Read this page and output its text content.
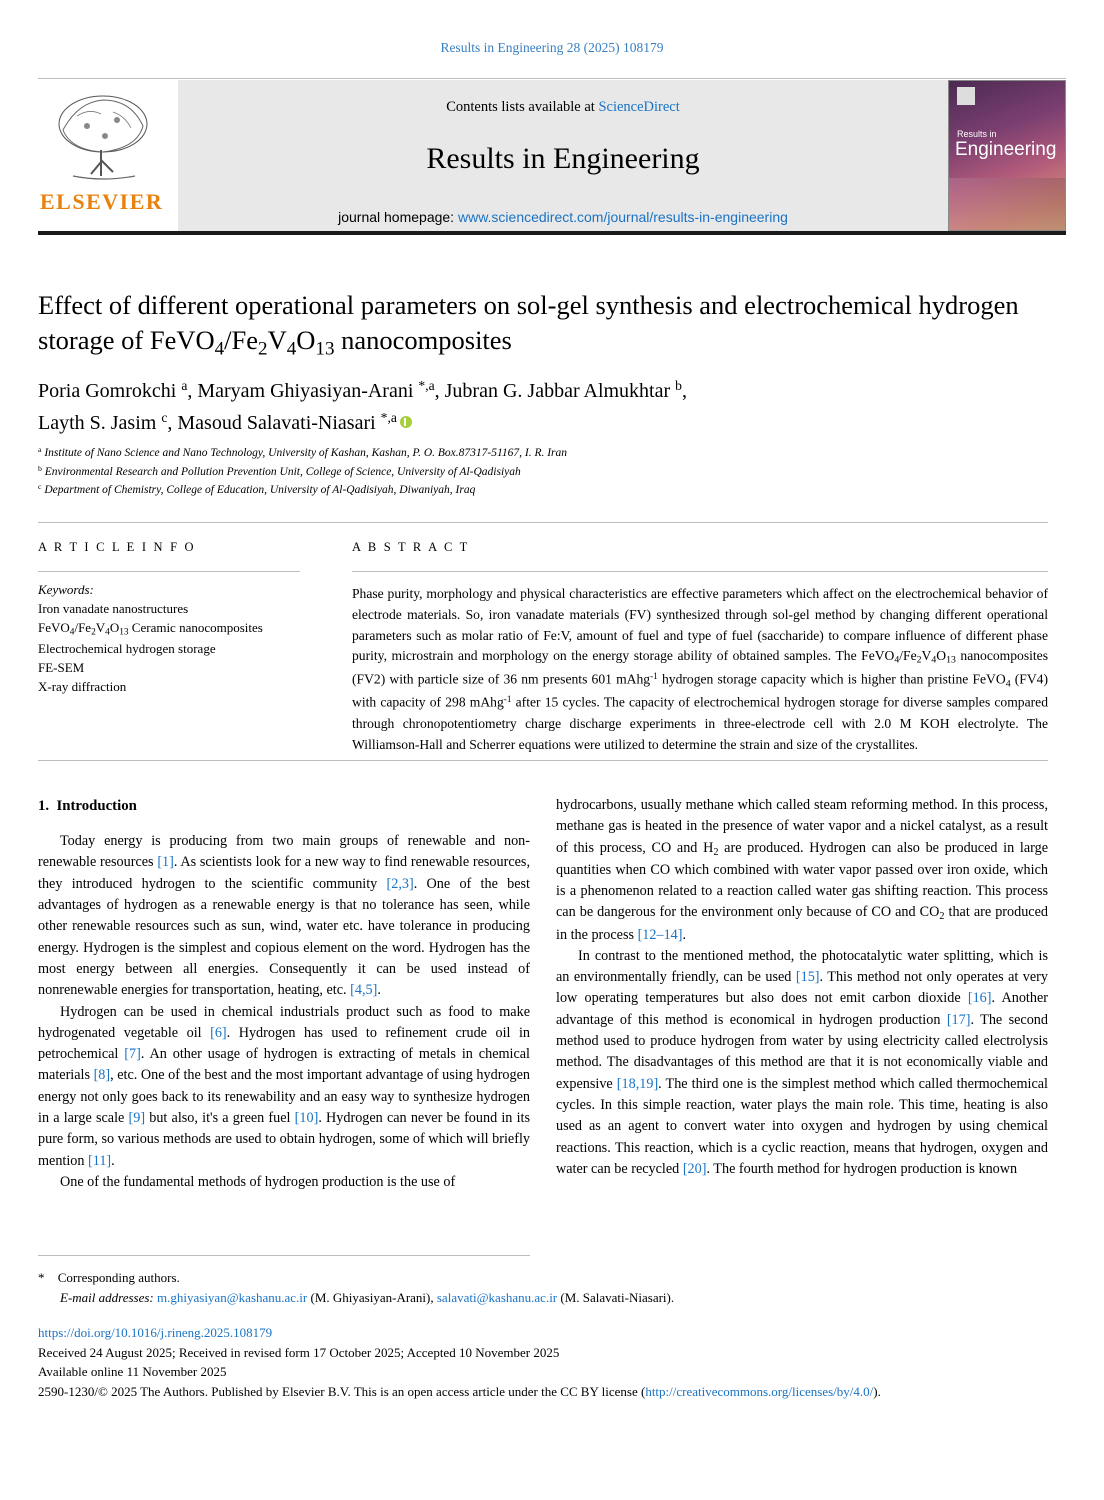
Results in Engineering 28 (2025) 108179
ELSEVIER
Contents lists available at ScienceDirect
Results in Engineering
journal homepage: www.sciencedirect.com/journal/results-in-engineering
Results in
Engineering
Effect of different operational parameters on sol-gel synthesis and electrochemical hydrogen storage of $FeVO_4/Fe_2V_4O_{13}$ nanocomposites
Poria Gomrokchi $^a$, Maryam Ghiyasiyan-Arani $^{*,a}$, Jubran G. Jabbar Almukhtar $^b$,
Layth S. Jasim $^c$, Masoud Salavati-Niasari $^{*,a}$
$^a$ Institute of Nano Science and Nano Technology, University of Kashan, Kashan, P. O. Box.87317-51167, I. R. Iran
$^b$ Environmental Research and Pollution Prevention Unit, College of Science, University of Al-Qadisiyah
$^c$ Department of Chemistry, College of Education, University of Al-Qadisiyah, Diwaniyah, Iraq
A R T I C L E I N F O
Keywords:
Iron vanadate nanostructures
$FeVO_4/Fe_2V_4O_{13}$ Ceramic nanocomposites
Electrochemical hydrogen storage
FE-SEM
X-ray diffraction
A B S T R A C T
Phase purity, morphology and physical characteristics are effective parameters which affect on the electrochemical behavior of electrode materials. So, iron vanadate materials (FV) synthesized through sol-gel method by changing different operational parameters such as molar ratio of Fe:V, amount of fuel and type of fuel (saccharide) to compare influence of different phase purity, microstrain and morphology on the energy storage ability of obtained samples. The $FeVO_4/Fe_2V_4O_{13}$ nanocomposites (FV2) with particle size of 36 nm presents 601 mAhg$^{-1}$ hydrogen storage capacity which is higher than pristine FeVO$_4$ (FV4) with capacity of 298 mAhg$^{-1}$ after 15 cycles. The capacity of electrochemical hydrogen storage for diverse samples compared through chronopotentiometry charge discharge experiments in three-electrode cell with 2.0 M KOH electrolyte. The Williamson-Hall and Scherrer equations were utilized to determine the strain and size of the crystallites.
1. Introduction

Today energy is producing from two main groups of renewable and non-renewable resources [1]. As scientists look for a new way to find renewable resources, they introduced hydrogen to the scientific community [2,3]. One of the best advantages of hydrogen as a renewable energy is that no tolerance has seen, while other renewable resources such as sun, wind, water etc. have tolerance in producing energy. Hydrogen is the simplest and copious element on the word. Hydrogen has the most energy between all energies. Consequently it can be used instead of nonrenewable energies for transportation, heating, etc. [4,5].

Hydrogen can be used in chemical industrials product such as food to make hydrogenated vegetable oil [6]. Hydrogen has used to refinement crude oil in petrochemical [7]. An other usage of hydrogen is extracting of metals in chemical materials [8], etc. One of the best and the most important advantage of using hydrogen energy not only goes back to its renewability and an easy way to synthesize hydrogen in a large scale [9] but also, it's a green fuel [10]. Hydrogen can never be found in its pure form, so various methods are used to obtain hydrogen, some of which will briefly mention [11].

One of the fundamental methods of hydrogen production is the use of

hydrocarbons, usually methane which called steam reforming method. In this process, methane gas is heated in the presence of water vapor and a nickel catalyst, as a result of this process, CO and $H_2$ are produced. Hydrogen can also be produced in large quantities when CO which combined with water vapor passed over iron oxide, which is a phenomenon related to a reaction called water gas shifting reaction. This process can be dangerous for the environment only because of CO and $CO_2$ that are produced in the process [12–14].

In contrast to the mentioned method, the photocatalytic water splitting, which is an environmentally friendly, can be used [15]. This method not only operates at very low operating temperatures but also does not emit carbon dioxide [16]. Another advantage of this method is economical in hydrogen production [17]. The second method used to produce hydrogen from water by using electricity called electrolysis method. The disadvantages of this method are that it is not economically viable and expensive [18,19]. The third one is the simplest method which called thermochemical cycles. In this simple reaction, water plays the main role. This time, heating is also used as an agent to convert water into oxygen and hydrogen by using chemical reactions. This reaction, which is a cyclic reaction, means that hydrogen, oxygen and water can be recycled [20]. The fourth method for hydrogen production is known

* Corresponding authors.
E-mail addresses: m.ghiyasiyan@kashanu.ac.ir (M. Ghiyasiyan-Arani), salavati@kashanu.ac.ir (M. Salavati-Niasari).
https://doi.org/10.1016/j.rineng.2025.108179
Received 24 August 2025; Received in revised form 17 October 2025; Accepted 10 November 2025
Available online 11 November 2025
2590-1230/© 2025 The Authors. Published by Elsevier B.V. This is an open access article under the CC BY license (http://creativecommons.org/licenses/by/4.0/).
